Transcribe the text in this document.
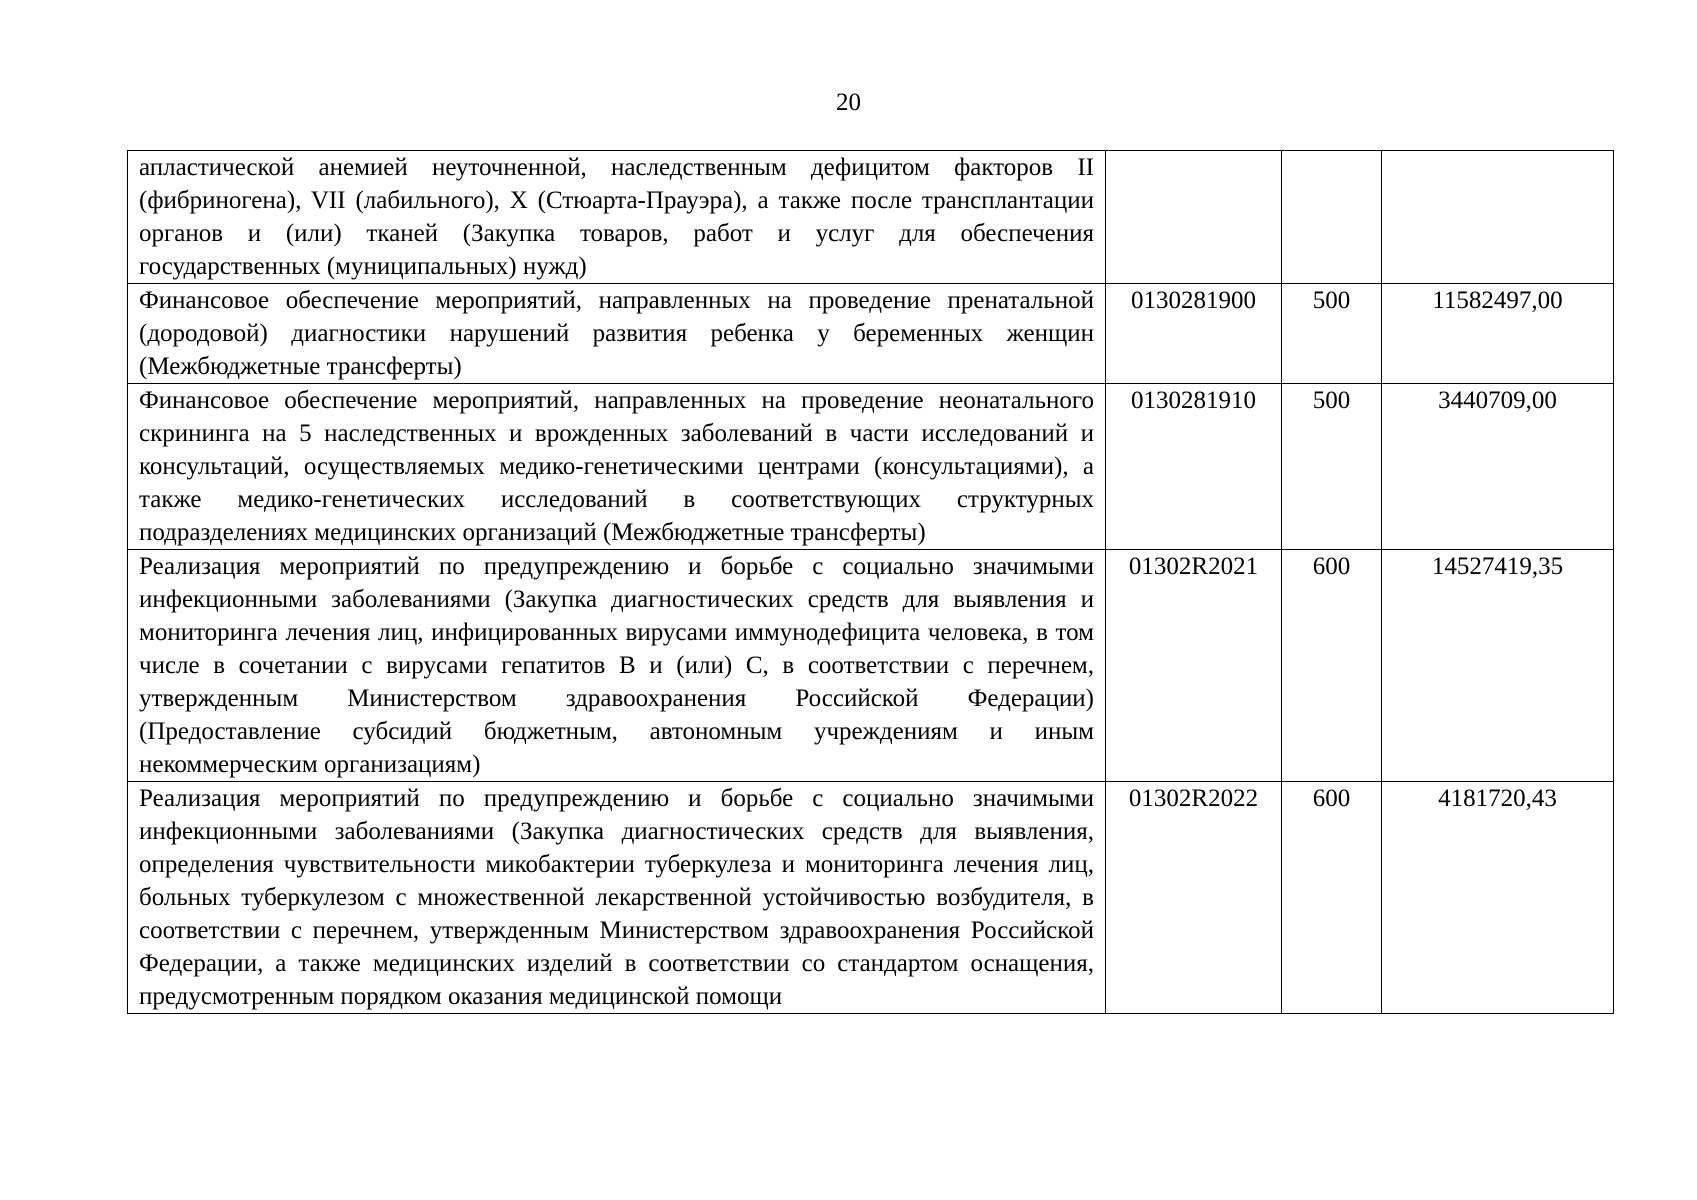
20
апластической анемией неуточненной, наследственным дефицитом факторов II (фибриногена), VII (лабильного), X (Стюарта-Прауэра), а также после трансплантации органов и (или) тканей (Закупка товаров, работ и услуг для обеспечения государственных (муниципальных) нужд)			
Финансовое обеспечение мероприятий, направленных на проведение пренатальной (дородовой) диагностики нарушений развития ребенка у беременных женщин (Межбюджетные трансферты)	0130281900	500	11582497,00
Финансовое обеспечение мероприятий, направленных на проведение неонатального скрининга на 5 наследственных и врожденных заболеваний в части исследований и консультаций, осуществляемых медико-генетическими центрами (консультациями), а также медико-генетических исследований в соответствующих структурных подразделениях медицинских организаций (Межбюджетные трансферты)	0130281910	500	3440709,00
Реализация мероприятий по предупреждению и борьбе с социально значимыми инфекционными заболеваниями (Закупка диагностических средств для выявления и мониторинга лечения лиц, инфицированных вирусами иммунодефицита человека, в том числе в сочетании с вирусами гепатитов B и (или) C, в соответствии с перечнем, утвержденным Министерством здравоохранения Российской Федерации) (Предоставление субсидий бюджетным, автономным учреждениям и иным некоммерческим организациям)	01302R2021	600	14527419,35
Реализация мероприятий по предупреждению и борьбе с социально значимыми инфекционными заболеваниями (Закупка диагностических средств для выявления, определения чувствительности микобактерии туберкулеза и мониторинга лечения лиц, больных туберкулезом с множественной лекарственной устойчивостью возбудителя, в соответствии с перечнем, утвержденным Министерством здравоохранения Российской Федерации, а также медицинских изделий в соответствии со стандартом оснащения, предусмотренным порядком оказания медицинской помощи	01302R2022	600	4181720,43
